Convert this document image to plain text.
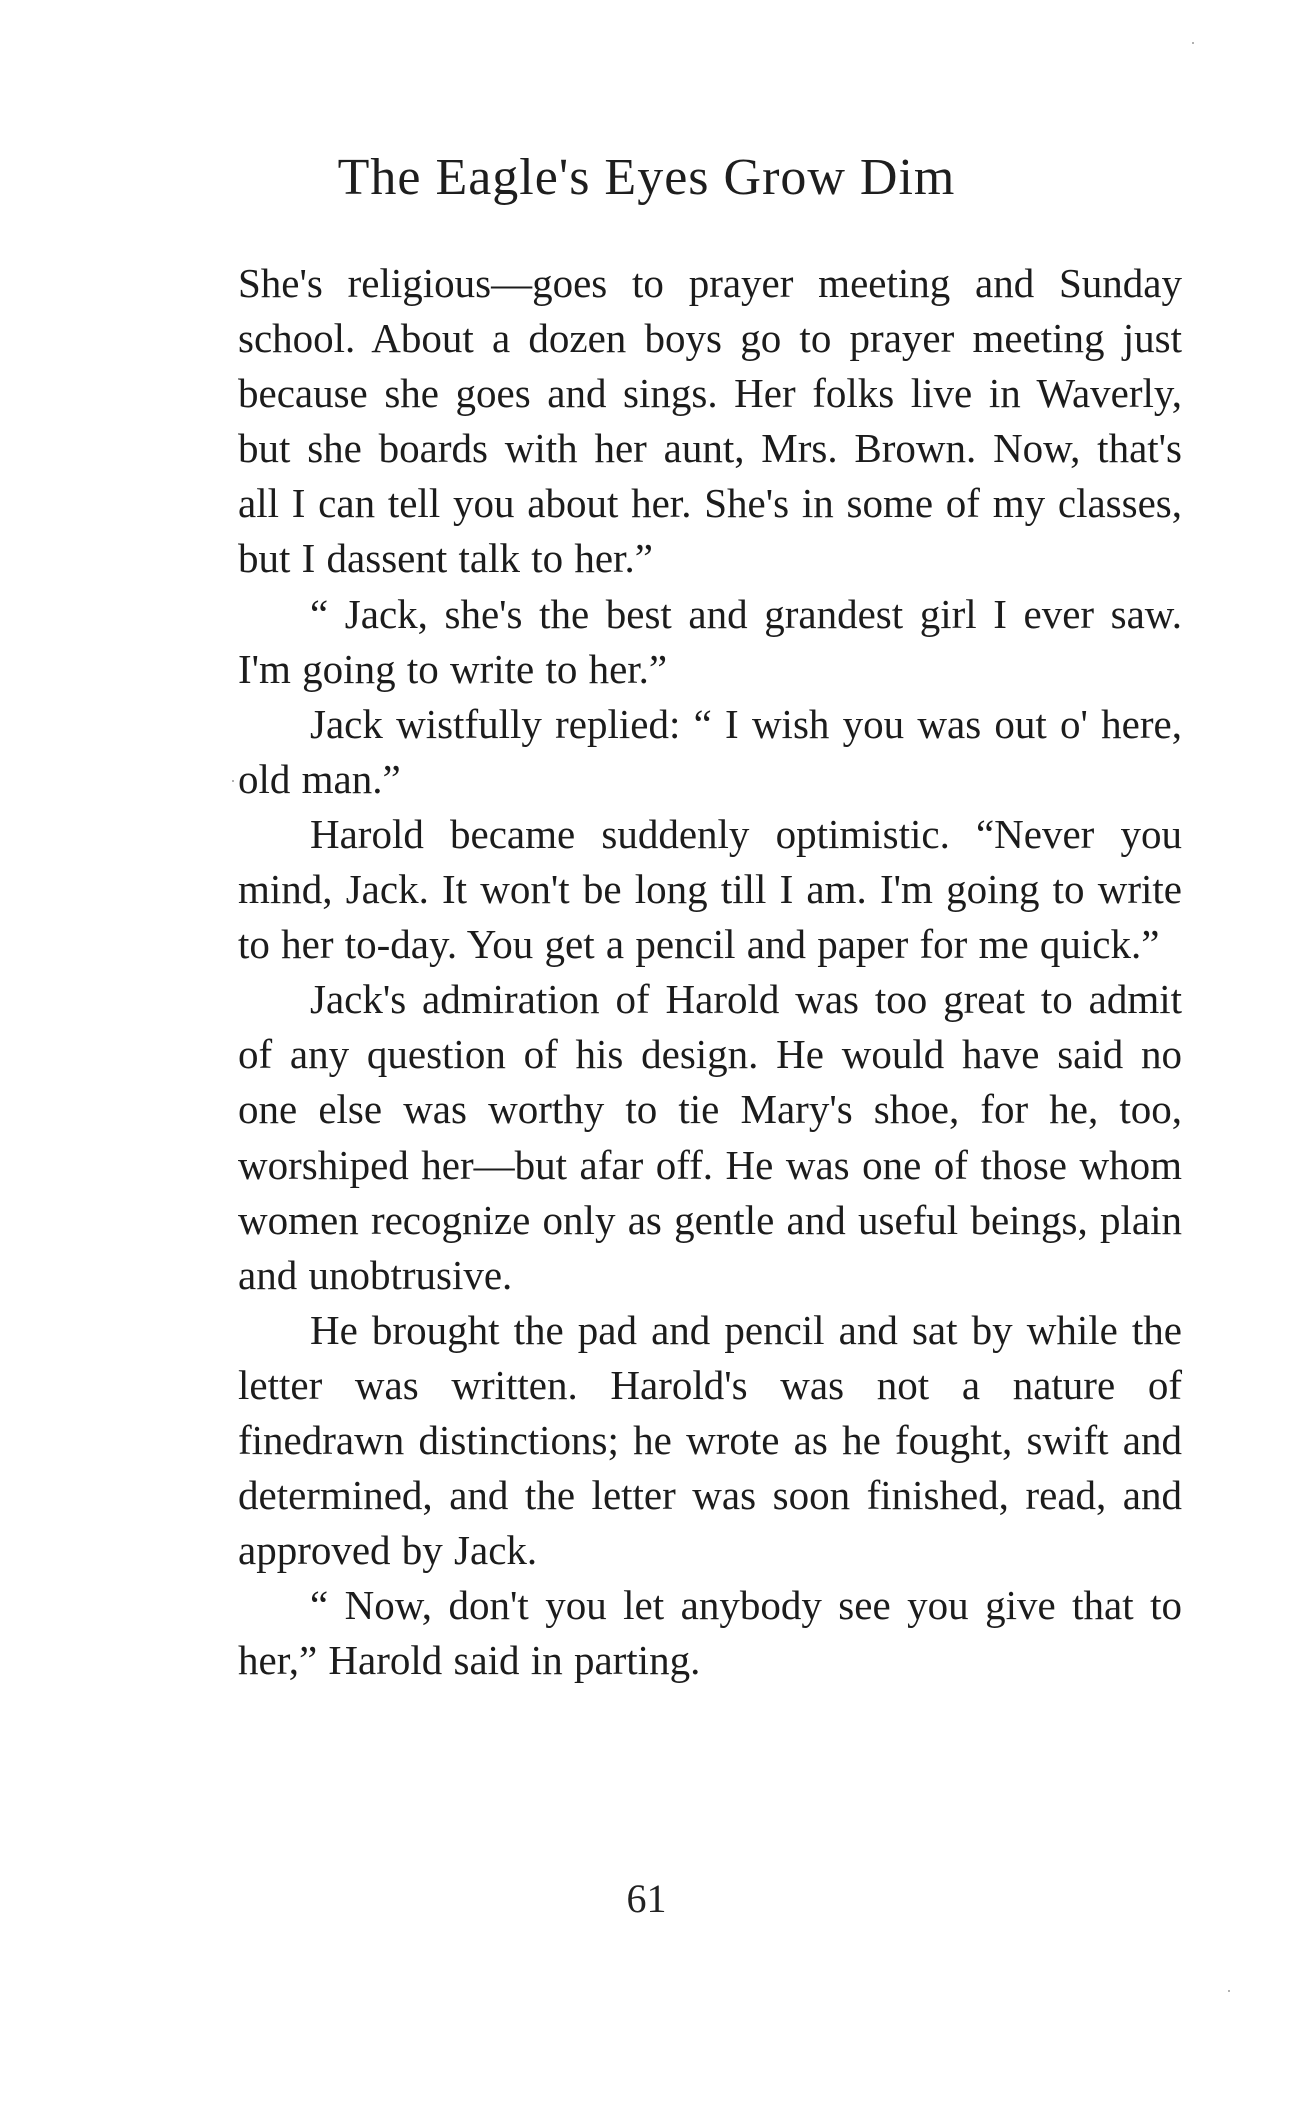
The Eagle's Eyes Grow Dim

She's religious—goes to prayer meeting and Sunday school. About a dozen boys go to prayer meeting just because she goes and sings. Her folks live in Waverly, but she boards with her aunt, Mrs. Brown. Now, that's all I can tell you about her. She's in some of my classes, but I dassent talk to her.”

“ Jack, she's the best and grandest girl I ever saw. I'm going to write to her.”

Jack wistfully replied: “ I wish you was out o' here, old man.”

Harold became suddenly optimistic. “Never you mind, Jack. It won't be long till I am. I'm going to write to her to-day. You get a pencil and paper for me quick.”

Jack's admiration of Harold was too great to admit of any question of his design. He would have said no one else was worthy to tie Mary's shoe, for he, too, worshiped her—but afar off. He was one of those whom women recognize only as gentle and useful beings, plain and unobtrusive.

He brought the pad and pencil and sat by while the letter was written. Harold's was not a nature of finedrawn distinctions; he wrote as he fought, swift and determined, and the letter was soon finished, read, and approved by Jack.

“ Now, don't you let anybody see you give that to her,” Harold said in parting.

61
